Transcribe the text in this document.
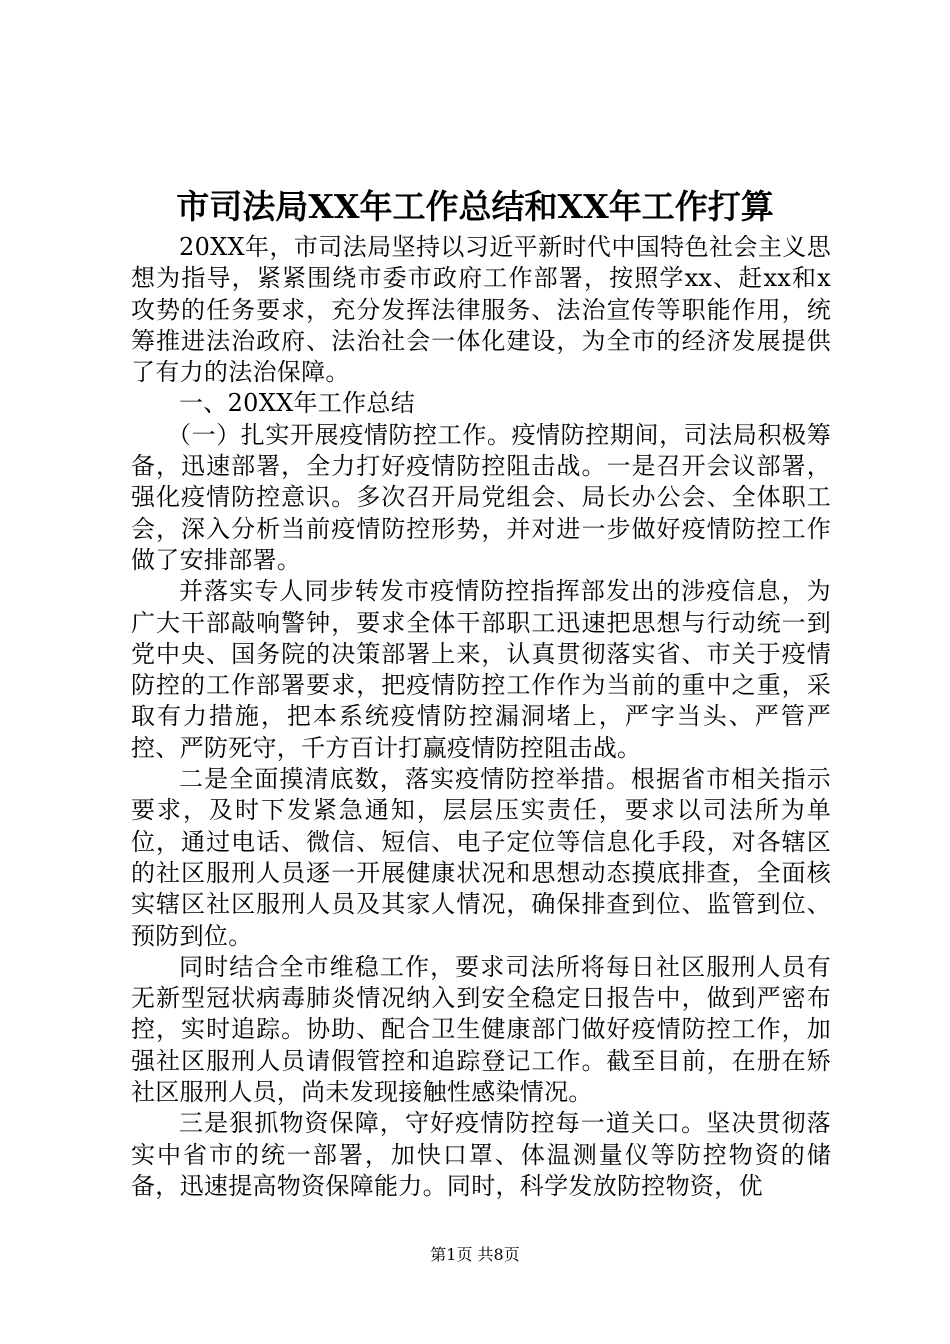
市司法局XX年工作总结和XX年工作打算

20XX年，市司法局坚持以习近平新时代中国特色社会主义思想为指导，紧紧围绕市委市政府工作部署，按照学xx、赶xx和x攻势的任务要求，充分发挥法律服务、法治宣传等职能作用，统筹推进法治政府、法治社会一体化建设，为全市的经济发展提供了有力的法治保障。

一、20XX年工作总结

（一）扎实开展疫情防控工作。疫情防控期间，司法局积极筹备，迅速部署，全力打好疫情防控阻击战。一是召开会议部署，强化疫情防控意识。多次召开局党组会、局长办公会、全体职工会，深入分析当前疫情防控形势，并对进一步做好疫情防控工作做了安排部署。

并落实专人同步转发市疫情防控指挥部发出的涉疫信息，为广大干部敲响警钟，要求全体干部职工迅速把思想与行动统一到党中央、国务院的决策部署上来，认真贯彻落实省、市关于疫情防控的工作部署要求，把疫情防控工作作为当前的重中之重，采取有力措施，把本系统疫情防控漏洞堵上，严字当头、严管严控、严防死守，千方百计打赢疫情防控阻击战。

二是全面摸清底数，落实疫情防控举措。根据省市相关指示要求，及时下发紧急通知，层层压实责任，要求以司法所为单位，通过电话、微信、短信、电子定位等信息化手段，对各辖区的社区服刑人员逐一开展健康状况和思想动态摸底排查，全面核实辖区社区服刑人员及其家人情况，确保排查到位、监管到位、预防到位。

同时结合全市维稳工作，要求司法所将每日社区服刑人员有无新型冠状病毒肺炎情况纳入到安全稳定日报告中，做到严密布控，实时追踪。协助、配合卫生健康部门做好疫情防控工作，加强社区服刑人员请假管控和追踪登记工作。截至目前，在册在矫社区服刑人员，尚未发现接触性感染情况。

三是狠抓物资保障，守好疫情防控每一道关口。坚决贯彻落实中省市的统一部署，加快口罩、体温测量仪等防控物资的储备，迅速提高物资保障能力。同时，科学发放防控物资，优

第1页 共8页
